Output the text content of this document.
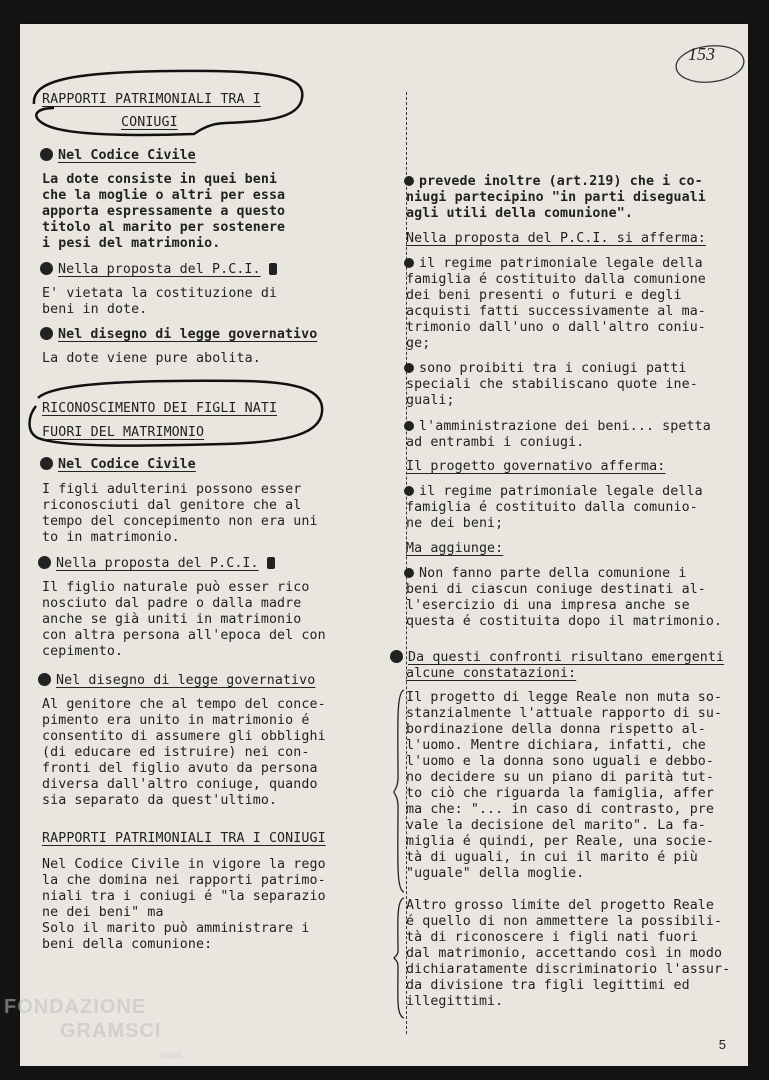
153
RAPPORTI PATRIMONIALI TRA I
CONIUGI
Nel Codice Civile
La dote consiste in quei beni
che la moglie o altri per essa
apporta espressamente a questo
titolo al marito per sostenere
i pesi del matrimonio.
Nella proposta del P.C.I.
E' vietata la costituzione di
beni in dote.
Nel disegno di legge governativo
La dote viene pure abolita.
RICONOSCIMENTO DEI FIGLI NATI
FUORI DEL MATRIMONIO
Nel Codice Civile
I figli adulterini possono esser
riconosciuti dal genitore che al
tempo del concepimento non era uni
to in matrimonio.
Nella proposta del P.C.I.
Il figlio naturale può esser rico
nosciuto dal padre o dalla madre
anche se già uniti in matrimonio
con altra persona all'epoca del con
cepimento.
Nel disegno di legge governativo
Al genitore che al tempo del conce-
pimento era unito in matrimonio é
consentito di assumere gli obblighi
(di educare ed istruire) nei con-
fronti del figlio avuto da persona
diversa dall'altro coniuge, quando
sia separato da quest'ultimo.
RAPPORTI PATRIMONIALI TRA I CONIUGI
Nel Codice Civile in vigore la rego
la che domina nei rapporti patrimo-
niali tra i coniugi é "la separazio
ne dei beni" ma
Solo il marito può amministrare i
beni della comunione:
prevede inoltre (art.219) che i co-
niugi partecipino "in parti diseguali
agli utili della comunione".
Nella proposta del P.C.I. si afferma:
il regime patrimoniale legale della
famiglia é costituito dalla comunione
dei beni presenti o futuri e degli
acquisti fatti successivamente al ma-
trimonio dall'uno o dall'altro coniu-
ge;
sono proibiti tra i coniugi patti
speciali che stabiliscano quote ine-
guali;
l'amministrazione dei beni... spetta
ad entrambi i coniugi.
Il progetto governativo afferma:
il regime patrimoniale legale della
famiglia é costituito dalla comunio-
ne dei beni;
Ma aggiunge:
Non fanno parte della comunione i
beni di ciascun coniuge destinati al-
l'esercizio di una impresa anche se
questa é costituita dopo il matrimonio.
Da questi confronti risultano emergenti
alcune constatazioni:
Il progetto di legge Reale non muta so-
stanzialmente l'attuale rapporto di su-
bordinazione della donna rispetto al-
l'uomo. Mentre dichiara, infatti, che
l'uomo e la donna sono uguali e debbo-
no decidere su un piano di parità tut-
to ciò che riguarda la famiglia, affer
ma che: "... in caso di contrasto, pre
vale la decisione del marito". La fa-
miglia é quindi, per Reale, una socie-
tà di uguali, in cui il marito é più
"uguale" della moglie.
Altro grosso limite del progetto Reale
é quello di non ammettere la possibili-
tà di riconoscere i figli nati fuori
dal matrimonio, accettando così in modo
dichiaratamente discriminatorio l'assur-
da divisione tra figli legittimi ed
illegittimi.
5
FONDAZIONE
GRAMSCI
onlus
